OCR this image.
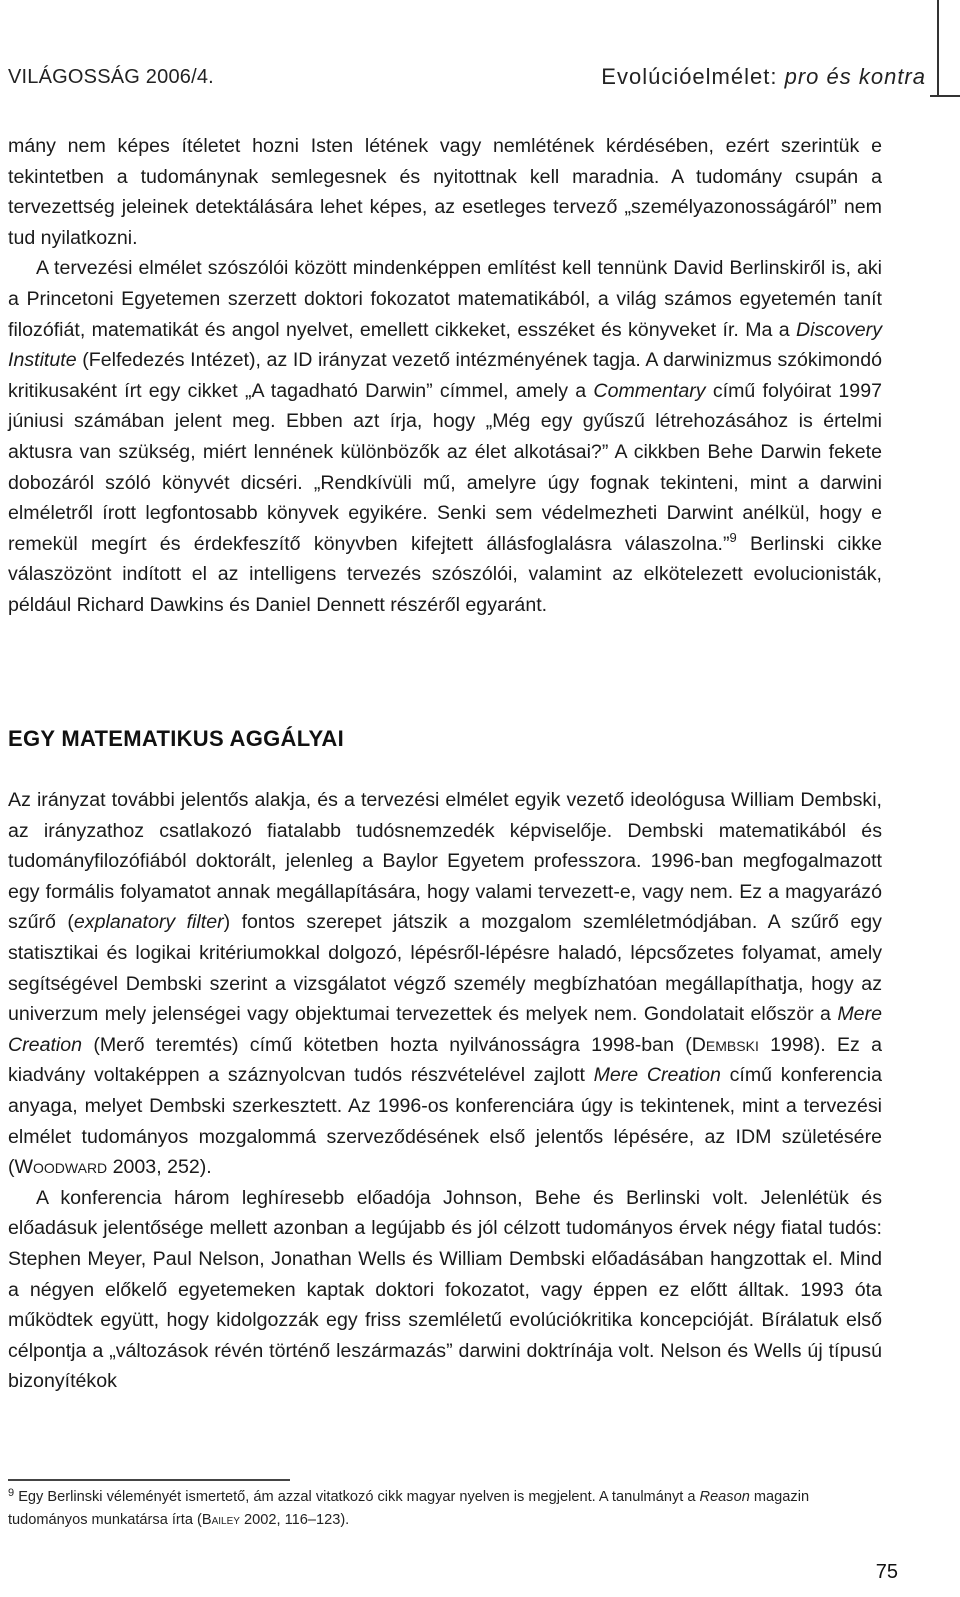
VILÁGOSSÁG 2006/4.	Evolúcióelmélet: pro és kontra

mány nem képes ítéletet hozni Isten létének vagy nemlétének kérdésében, ezért szerintük e tekintetben a tudománynak semlegesnek és nyitottnak kell maradnia. A tudomány csupán a tervezettség jeleinek detektálására lehet képes, az esetleges tervező „személyazonosságáról” nem tud nyilatkozni.

A tervezési elmélet szószólói között mindenképpen említést kell tennünk David Berlinskiről is, aki a Princetoni Egyetemen szerzett doktori fokozatot matematikából, a világ számos egyetemén tanít filozófiát, matematikát és angol nyelvet, emellett cikkeket, esszéket és könyveket ír. Ma a Discovery Institute (Felfedezés Intézet), az ID irányzat vezető intézményének tagja. A darwinizmus szókimondó kritikusaként írt egy cikket „A tagadható Darwin” címmel, amely a Commentary című folyóirat 1997 júniusi számában jelent meg. Ebben azt írja, hogy „Még egy gyűszű létrehozásához is értelmi aktusra van szükség, miért lennének különbözők az élet alkotásai?” A cikkben Behe Darwin fekete dobozáról szóló könyvét dicséri. „Rendkívüli mű, amelyre úgy fognak tekinteni, mint a darwini elméletről írott legfontosabb könyvek egyikére. Senki sem védelmezheti Darwint anélkül, hogy e remekül megírt és érdekfeszítő könyvben kifejtett állásfoglalásra válaszolna.”$^9$ Berlinski cikke válaszözönt indított el az intelligens tervezés szószólói, valamint az elkötelezett evolucionisták, például Richard Dawkins és Daniel Dennett részéről egyaránt.

EGY MATEMATIKUS AGGÁLYAI

Az irányzat további jelentős alakja, és a tervezési elmélet egyik vezető ideológusa William Dembski, az irányzathoz csatlakozó fiatalabb tudósnemzedék képviselője. Dembski matematikából és tudományfilozófiából doktorált, jelenleg a Baylor Egyetem professzora. 1996-ban megfogalmazott egy formális folyamatot annak megállapítására, hogy valami tervezett-e, vagy nem. Ez a magyarázó szűrő (explanatory filter) fontos szerepet játszik a mozgalom szemléletmódjában. A szűrő egy statisztikai és logikai kritériumokkal dolgozó, lépésről-lépésre haladó, lépcsőzetes folyamat, amely segítségével Dembski szerint a vizsgálatot végző személy megbízhatóan megállapíthatja, hogy az univerzum mely jelenségei vagy objektumai tervezettek és melyek nem. Gondolatait először a Mere Creation (Merő teremtés) című kötetben hozta nyilvánosságra 1998-ban (Dembski 1998). Ez a kiadvány voltaképpen a száznyolcvan tudós részvételével zajlott Mere Creation című konferencia anyaga, melyet Dembski szerkesztett. Az 1996-os konferenciára úgy is tekintenek, mint a tervezési elmélet tudományos mozgalommá szerveződésének első jelentős lépésére, az IDM születésére (Woodward 2003, 252).

A konferencia három leghíresebb előadója Johnson, Behe és Berlinski volt. Jelenlétük és előadásuk jelentősége mellett azonban a legújabb és jól célzott tudományos érvek négy fiatal tudós: Stephen Meyer, Paul Nelson, Jonathan Wells és William Dembski előadásában hangzottak el. Mind a négyen előkelő egyetemeken kaptak doktori fokozatot, vagy éppen ez előtt álltak. 1993 óta működtek együtt, hogy kidolgozzák egy friss szemléletű evolúciókritika koncepcióját. Bírálatuk első célpontja a „változások révén történő leszármazás” darwini doktrínája volt. Nelson és Wells új típusú bizonyítékok

$^9$ Egy Berlinski véleményét ismertető, ám azzal vitatkozó cikk magyar nyelven is megjelent. A tanulmányt a Reason magazin tudományos munkatársa írta (Bailey 2002, 116–123).
75
